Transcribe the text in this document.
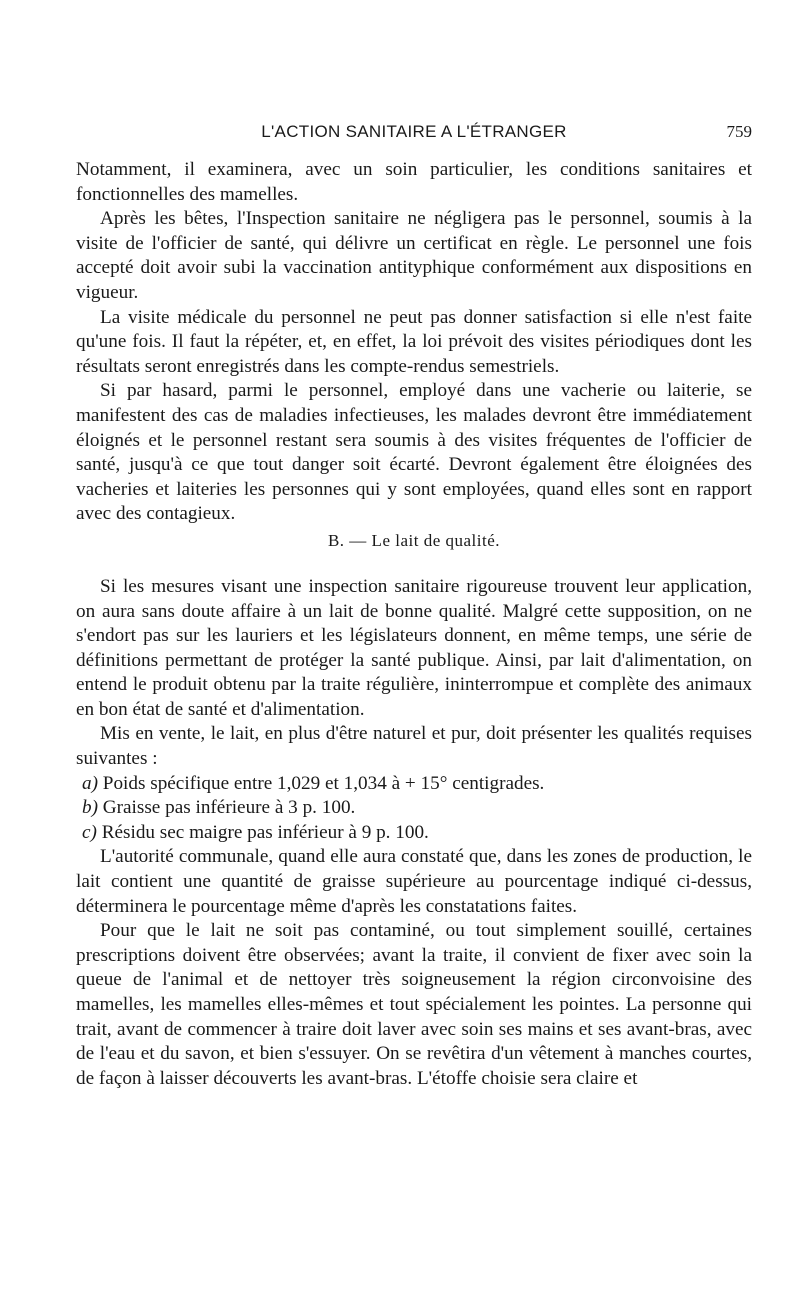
L'ACTION SANITAIRE A L'ÉTRANGER	759

Notamment, il examinera, avec un soin particulier, les conditions sanitaires et fonctionnelles des mamelles.

Après les bêtes, l'Inspection sanitaire ne négligera pas le personnel, soumis à la visite de l'officier de santé, qui délivre un certificat en règle. Le personnel une fois accepté doit avoir subi la vaccination antityphique conformément aux dispositions en vigueur.

La visite médicale du personnel ne peut pas donner satisfaction si elle n'est faite qu'une fois. Il faut la répéter, et, en effet, la loi prévoit des visites périodiques dont les résultats seront enregistrés dans les compte-rendus semestriels.

Si par hasard, parmi le personnel, employé dans une vacherie ou laiterie, se manifestent des cas de maladies infectieuses, les malades devront être immédiatement éloignés et le personnel restant sera soumis à des visites fréquentes de l'officier de santé, jusqu'à ce que tout danger soit écarté. Devront également être éloignées des vacheries et laiteries les personnes qui y sont employées, quand elles sont en rapport avec des contagieux.

B. — Le lait de qualité.

Si les mesures visant une inspection sanitaire rigoureuse trouvent leur application, on aura sans doute affaire à un lait de bonne qualité. Malgré cette supposition, on ne s'endort pas sur les lauriers et les législateurs donnent, en même temps, une série de définitions permettant de protéger la santé publique. Ainsi, par lait d'alimentation, on entend le produit obtenu par la traite régulière, ininterrompue et complète des animaux en bon état de santé et d'alimentation.

Mis en vente, le lait, en plus d'être naturel et pur, doit présenter les qualités requises suivantes :

a) Poids spécifique entre 1,029 et 1,034 à + 15° centigrades.

b) Graisse pas inférieure à 3 p. 100.

c) Résidu sec maigre pas inférieur à 9 p. 100.

L'autorité communale, quand elle aura constaté que, dans les zones de production, le lait contient une quantité de graisse supérieure au pourcentage indiqué ci-dessus, déterminera le pourcentage même d'après les constatations faites.

Pour que le lait ne soit pas contaminé, ou tout simplement souillé, certaines prescriptions doivent être observées; avant la traite, il convient de fixer avec soin la queue de l'animal et de nettoyer très soigneusement la région circonvoisine des mamelles, les mamelles elles-mêmes et tout spécialement les pointes. La personne qui trait, avant de commencer à traire doit laver avec soin ses mains et ses avant-bras, avec de l'eau et du savon, et bien s'essuyer. On se revêtira d'un vêtement à manches courtes, de façon à laisser découverts les avant-bras. L'étoffe choisie sera claire et
